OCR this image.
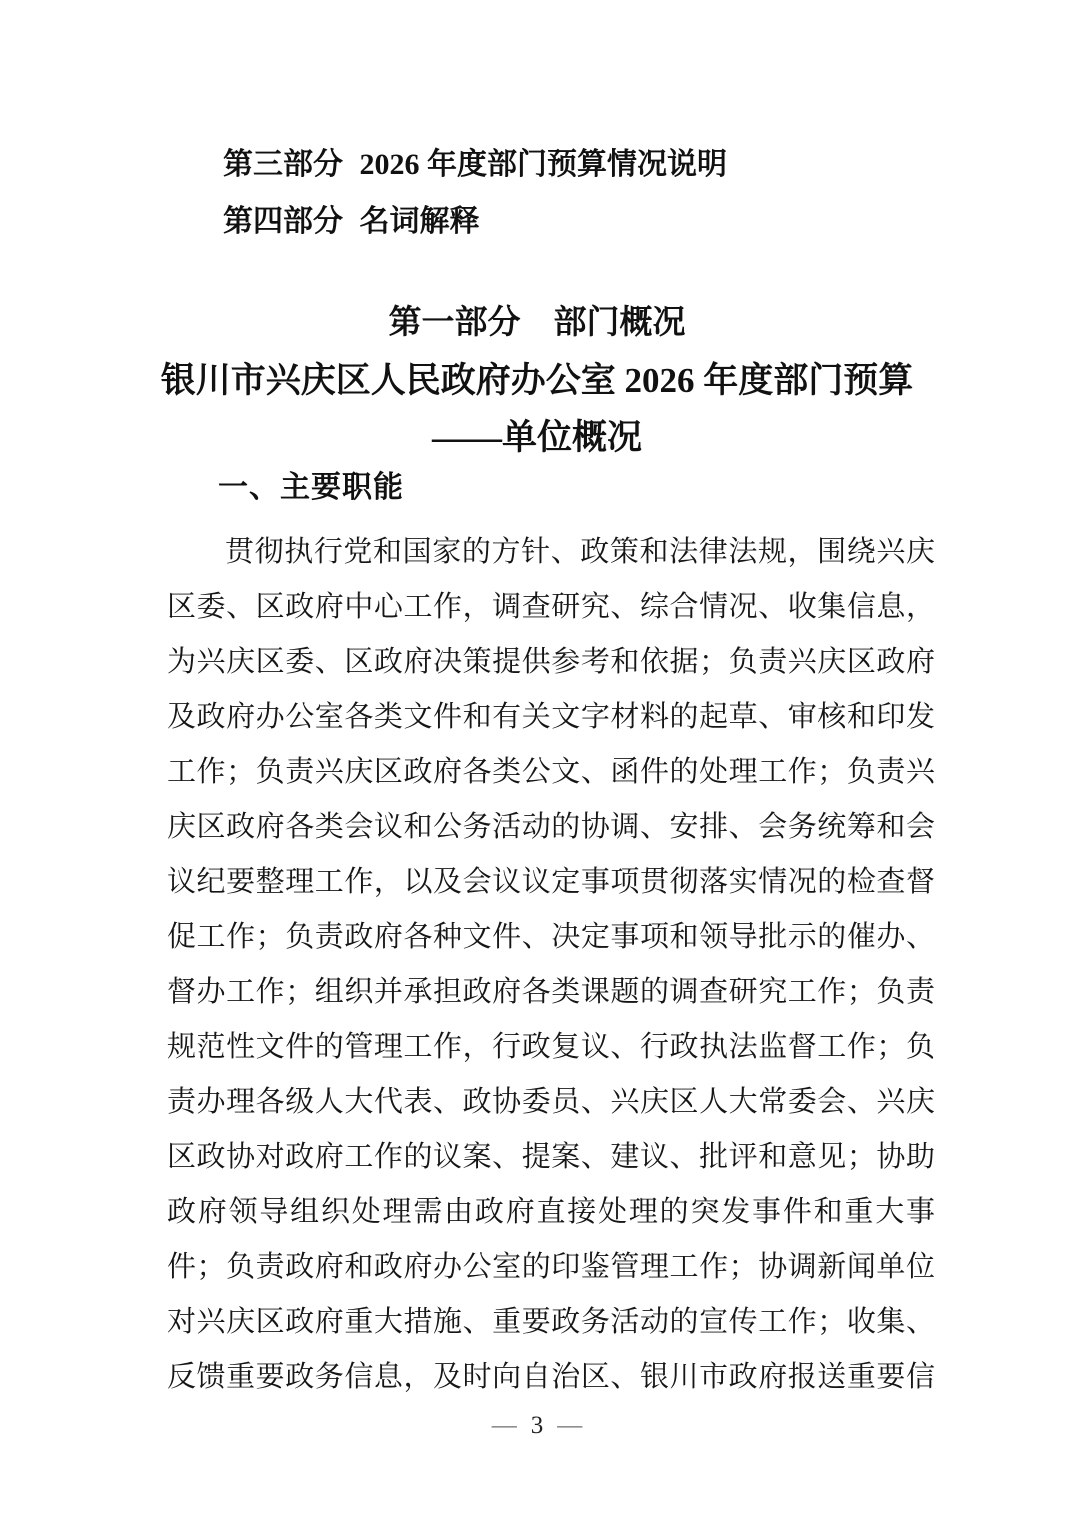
第三部分 2026 年度部门预算情况说明
第四部分 名词解释
第一部分　部门概况
银川市兴庆区人民政府办公室 2026 年度部门预算
——单位概况
一、主要职能
贯彻执行党和国家的方针、政策和法律法规，围绕兴庆
区委、区政府中心工作，调查研究、综合情况、收集信息，
为兴庆区委、区政府决策提供参考和依据；负责兴庆区政府
及政府办公室各类文件和有关文字材料的起草、审核和印发
工作；负责兴庆区政府各类公文、函件的处理工作；负责兴
庆区政府各类会议和公务活动的协调、安排、会务统筹和会
议纪要整理工作，以及会议议定事项贯彻落实情况的检查督
促工作；负责政府各种文件、决定事项和领导批示的催办、
督办工作；组织并承担政府各类课题的调查研究工作；负责
规范性文件的管理工作，行政复议、行政执法监督工作；负
责办理各级人大代表、政协委员、兴庆区人大常委会、兴庆
区政协对政府工作的议案、提案、建议、批评和意见；协助
政府领导组织处理需由政府直接处理的突发事件和重大事
件；负责政府和政府办公室的印鉴管理工作；协调新闻单位
对兴庆区政府重大措施、重要政务活动的宣传工作；收集、
反馈重要政务信息，及时向自治区、银川市政府报送重要信
— 3 —
